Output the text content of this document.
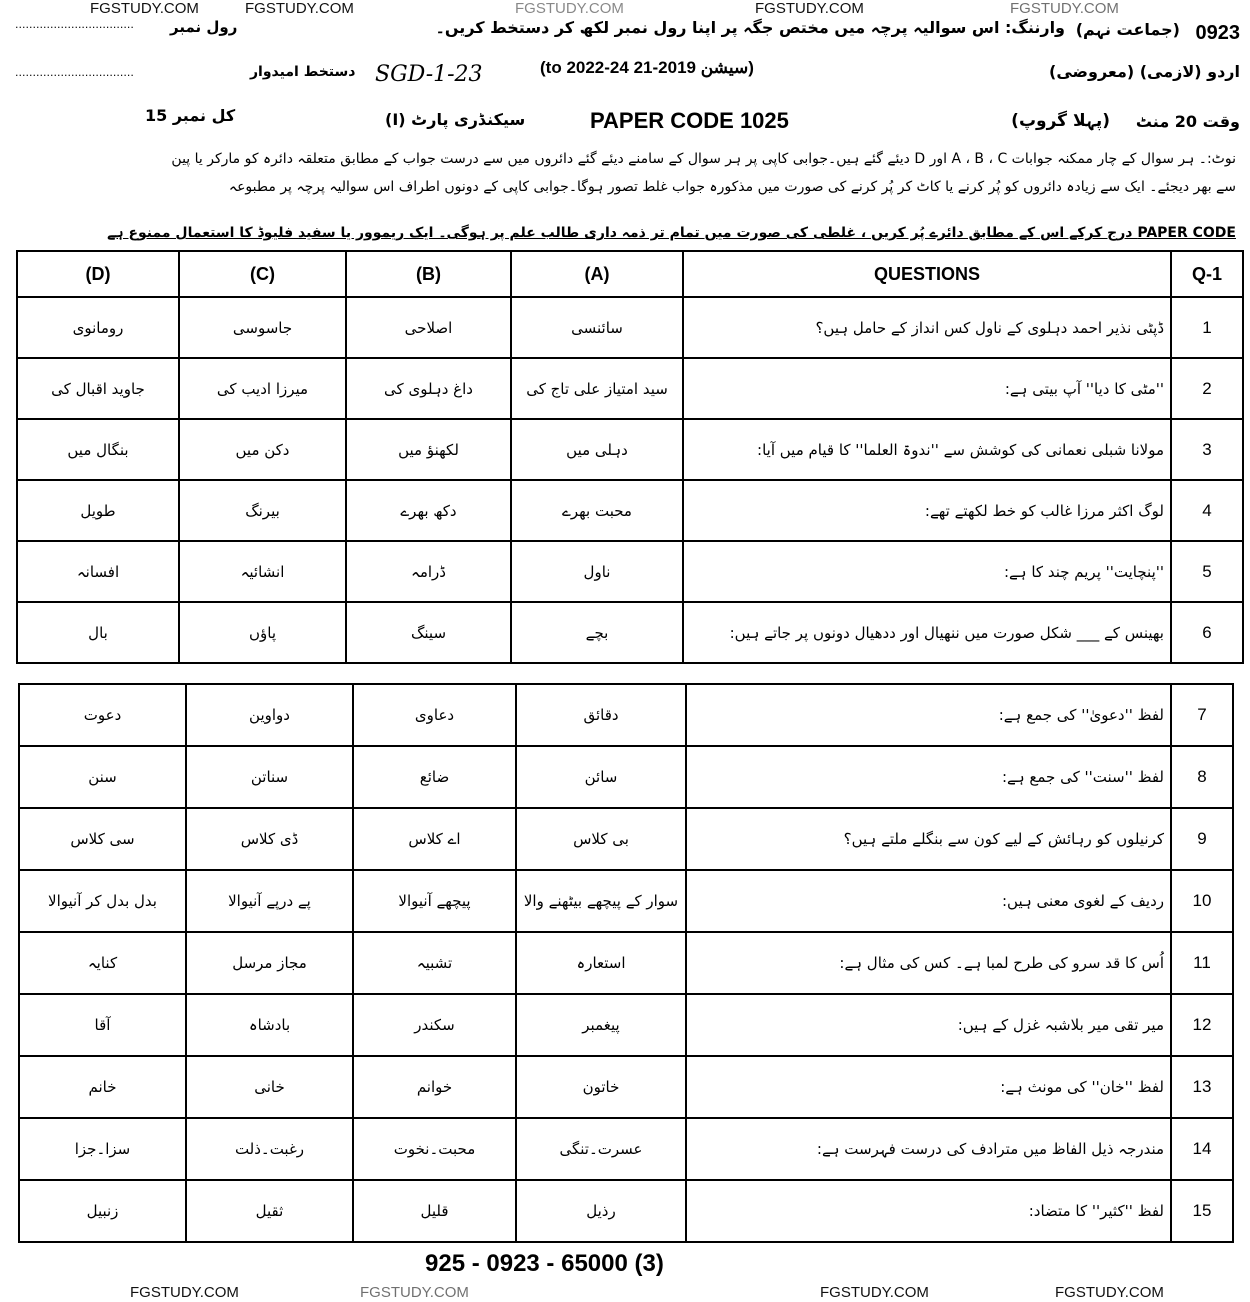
FGSTUDY.COM	FGSTUDY.COM	FGSTUDY.COM	FGSTUDY.COM	FGSTUDY.COM
0923
(جماعت نہم)
وارننگ: اس سوالیہ پرچہ میں مختص جگہ پر اپنا رول نمبر لکھ کر دستخط کریں۔
رول نمبر
..................................
اردو (لازمی) (معروضی)
(سیشن 2019-21 to 2022-24)
SGD-1-23
دستخط امیدوار
..................................
وقت 20 منٹ
(پہلا گروپ)
PAPER CODE 1025
سیکنڈری پارٹ (I)
کل نمبر 15
نوٹ:۔ ہر سوال کے چار ممکنہ جوابات A ، B ، C اور D دیئے گئے ہیں۔جوابی کاپی پر ہر سوال کے سامنے دیئے گئے دائروں میں سے درست جواب کے مطابق متعلقہ دائرہ کو مارکر یا پین
سے بھر دیجئے۔ ایک سے زیادہ دائروں کو پُر کرنے یا کاٹ کر پُر کرنے کی صورت میں مذکورہ جواب غلط تصور ہوگا۔جوابی کاپی کے دونوں اطراف اس سوالیہ پرچہ پر مطبوعہ
PAPER CODE درج کرکے اس کے مطابق دائرے پُر کریں ، غلطی کی صورت میں تمام تر ذمہ داری طالب علم پر ہوگی۔ ایک ریموور یا سفید فلیوڈ کا استعمال ممنوع ہے
(D)	(C)	(B)	(A)	QUESTIONS	Q-1
رومانوی	جاسوسی	اصلاحی	سائنسی	ڈپٹی نذیر احمد دہلوی کے ناول کس انداز کے حامل ہیں؟	1
جاوید اقبال کی	میرزا ادیب کی	داغ دہلوی کی	سید امتیاز علی تاج کی	''مٹی کا دیا'' آپ بیتی ہے:	2
بنگال میں	دکن میں	لکھنؤ میں	دہلی میں	مولانا شبلی نعمانی کی کوشش سے ''ندوۃ العلما'' کا قیام میں آیا:	3
طویل	بیرنگ	دکھ بھرے	محبت بھرے	لوگ اکثر مرزا غالب کو خط لکھتے تھے:	4
افسانہ	انشائیہ	ڈرامہ	ناول	''پنچایت'' پریم چند کا ہے:	5
بال	پاؤں	سینگ	بچے	بھینس کے ___ شکل صورت میں ننھیال اور ددھیال دونوں پر جاتے ہیں:	6
دعوت	دواوین	دعاوی	دقائق	لفظ ''دعویٰ'' کی جمع ہے:	7
سنن	سناتن	ضائع	سائن	لفظ ''سنت'' کی جمع ہے:	8
سی کلاس	ڈی کلاس	اے کلاس	بی کلاس	کرنیلوں کو رہائش کے لیے کون سے بنگلے ملتے ہیں؟	9
بدل بدل کر آنیوالا	پے درپے آنیوالا	پیچھے آنیوالا	سوار کے پیچھے بیٹھنے والا	ردیف کے لغوی معنی ہیں:	10
کنایہ	مجاز مرسل	تشبیہ	استعارہ	اُس کا قد سرو کی طرح لمبا ہے۔ کس کی مثال ہے:	11
آقا	بادشاہ	سکندر	پیغمبر	میر تقی میر بلاشبہ غزل کے ہیں:	12
خانم	خانی	خوانم	خاتون	لفظ ''خان'' کی مونث ہے:	13
سزا۔جزا	رغبت۔ذلت	محبت۔نخوت	عسرت۔تنگی	مندرجہ ذیل الفاظ میں مترادف کی درست فہرست ہے:	14
زنبیل	ثقیل	قلیل	رذیل	لفظ ''کثیر'' کا متضاد:	15
925 - 0923 - 65000 (3)
FGSTUDY.COM	FGSTUDY.COM	FGSTUDY.COM	FGSTUDY.COM
